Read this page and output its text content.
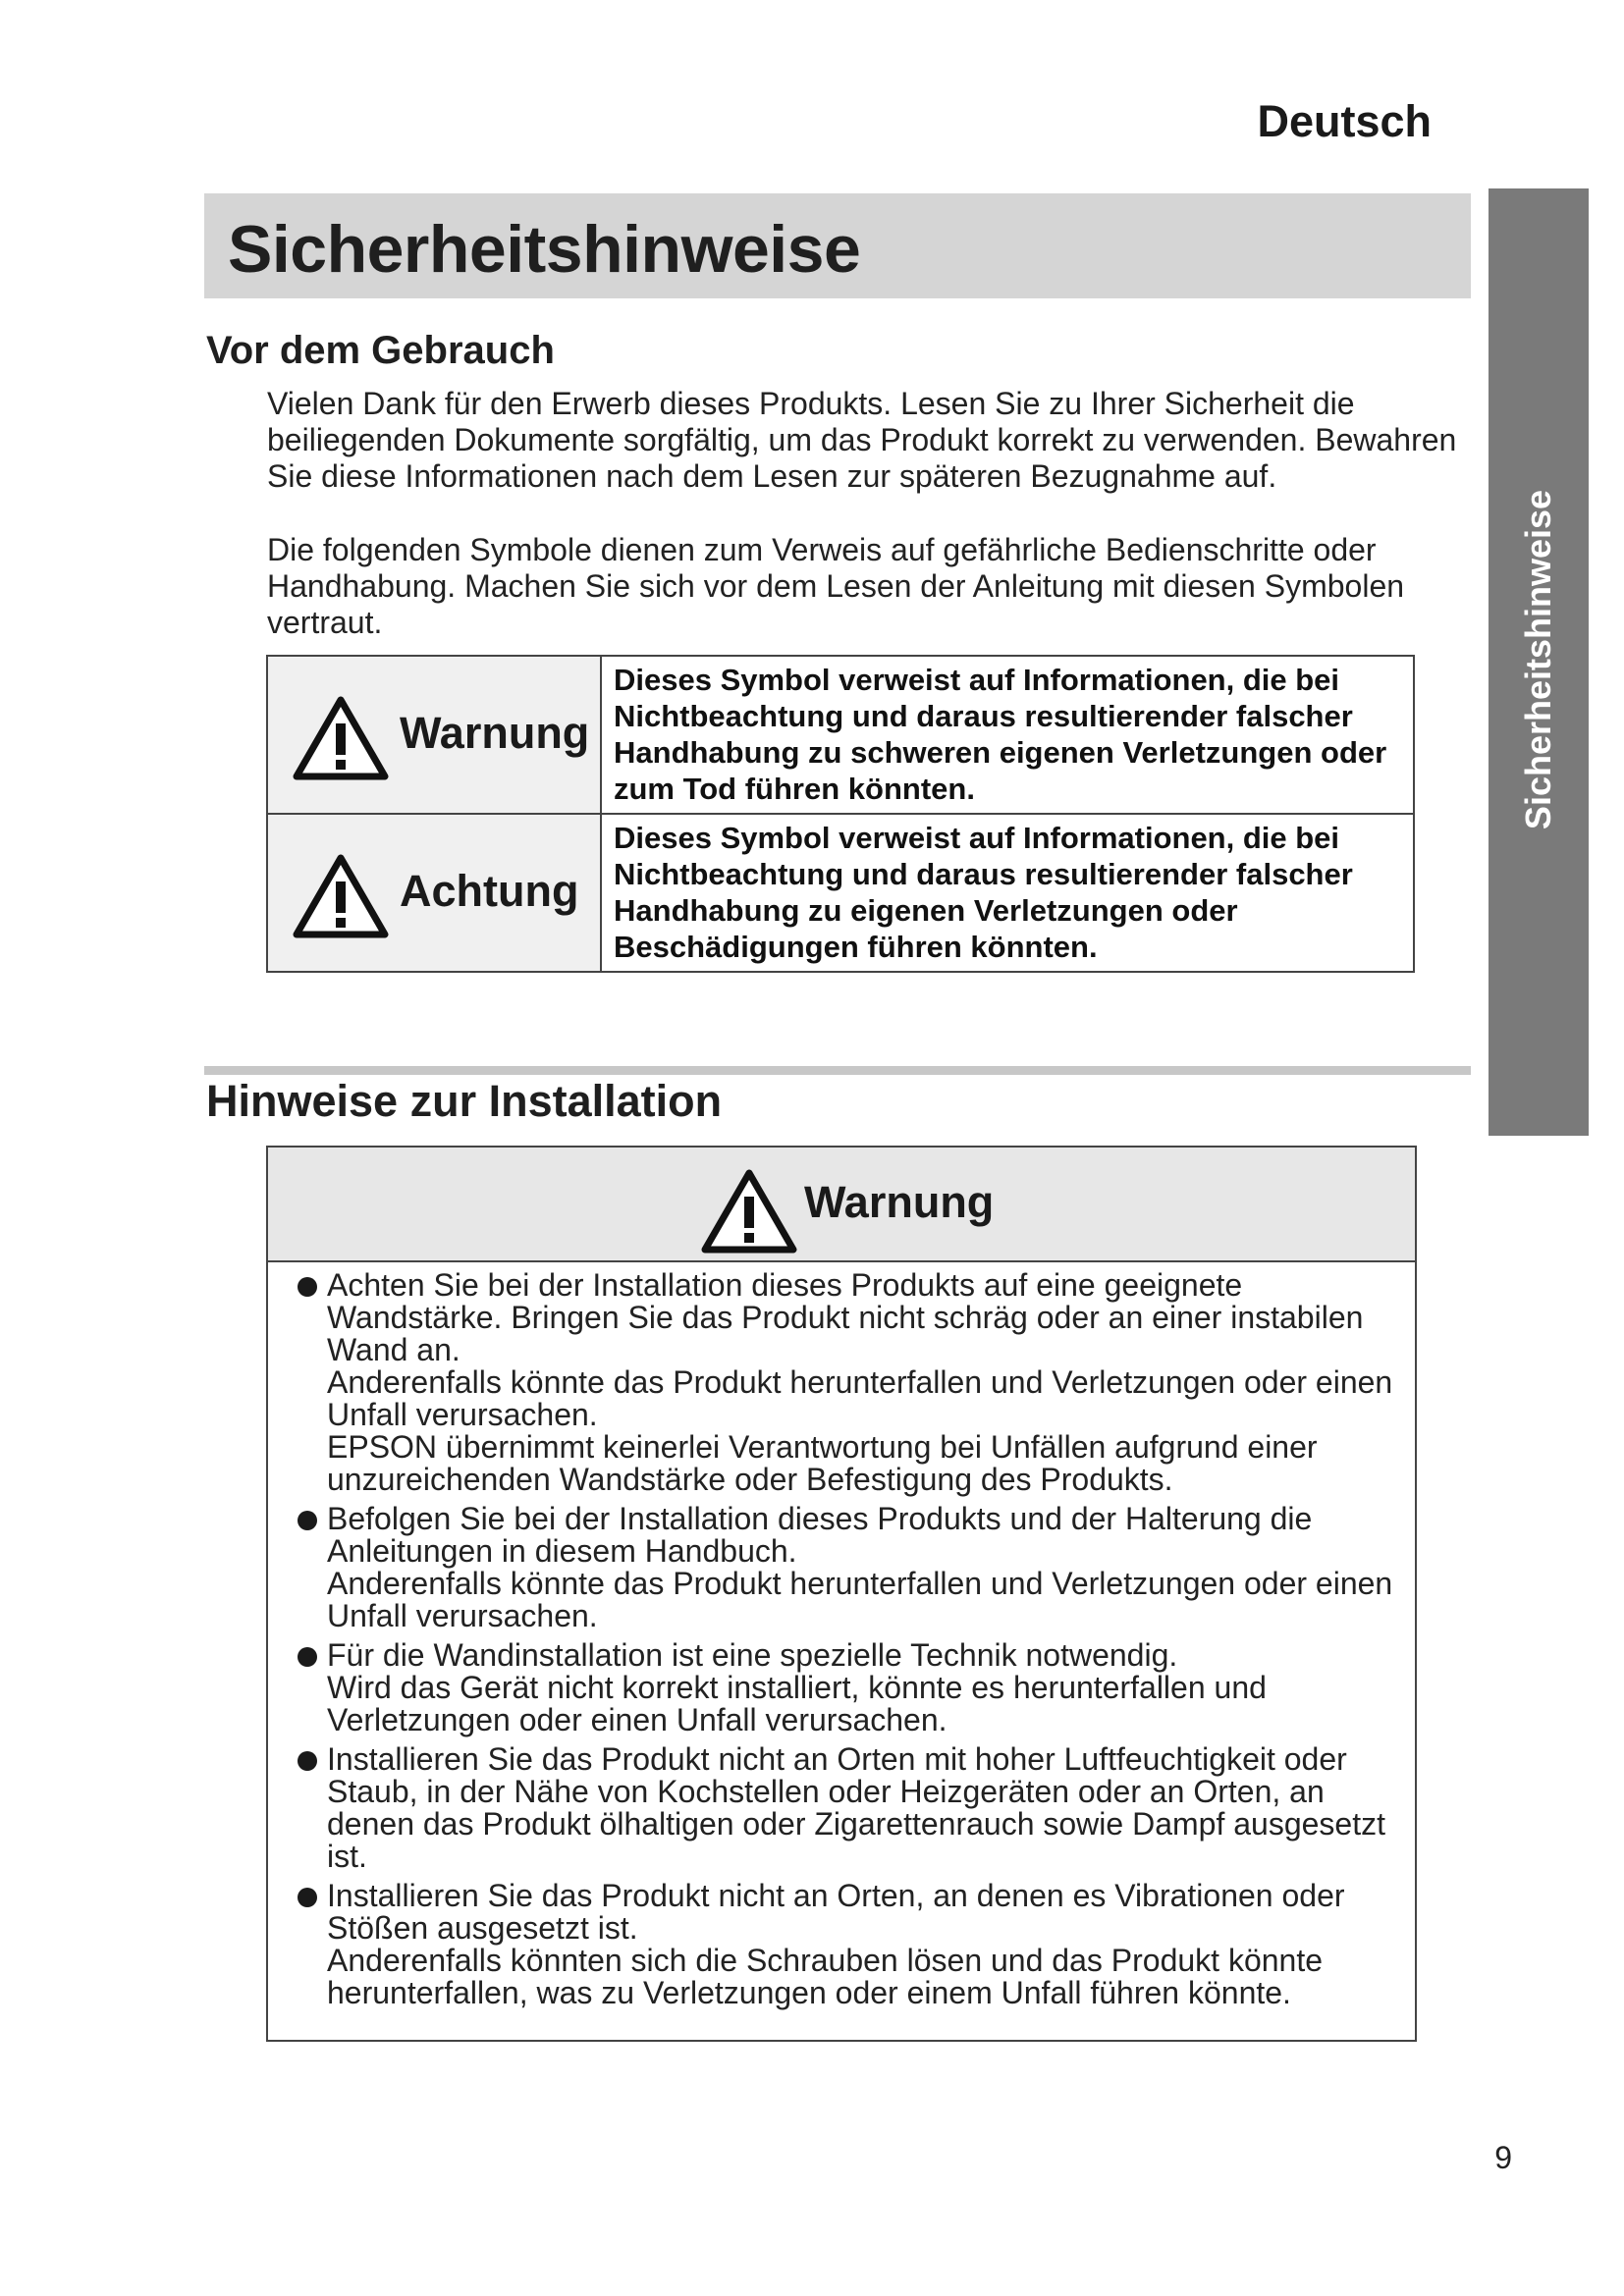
Deutsch
Sicherheitshinweise
Sicherheitshinweise
Vor dem Gebrauch
Vielen Dank für den Erwerb dieses Produkts. Lesen Sie zu Ihrer Sicherheit die beiliegenden Dokumente sorgfältig, um das Produkt korrekt zu verwenden. Bewahren Sie diese Informationen nach dem Lesen zur späteren Bezugnahme auf.
Die folgenden Symbole dienen zum Verweis auf gefährliche Bedienschritte oder Handhabung. Machen Sie sich vor dem Lesen der Anleitung mit diesen Symbolen vertraut.
Warnung	Dieses Symbol verweist auf Informationen, die bei Nichtbeachtung und daraus resultierender falscher Handhabung zu schweren eigenen Verletzungen oder zum Tod führen könnten.

Achtung	Dieses Symbol verweist auf Informationen, die bei Nichtbeachtung und daraus resultierender falscher Handhabung zu eigenen Verletzungen oder Beschädigungen führen könnten.
Hinweise zur Installation
Warnung
Achten Sie bei der Installation dieses Produkts auf eine geeignete Wandstärke. Bringen Sie das Produkt nicht schräg oder an einer instabilen Wand an.
Anderenfalls könnte das Produkt herunterfallen und Verletzungen oder einen Unfall verursachen.
EPSON übernimmt keinerlei Verantwortung bei Unfällen aufgrund einer unzureichenden Wandstärke oder Befestigung des Produkts.
Befolgen Sie bei der Installation dieses Produkts und der Halterung die Anleitungen in diesem Handbuch.
Anderenfalls könnte das Produkt herunterfallen und Verletzungen oder einen Unfall verursachen.
Für die Wandinstallation ist eine spezielle Technik notwendig.
Wird das Gerät nicht korrekt installiert, könnte es herunterfallen und Verletzungen oder einen Unfall verursachen.
Installieren Sie das Produkt nicht an Orten mit hoher Luftfeuchtigkeit oder Staub, in der Nähe von Kochstellen oder Heizgeräten oder an Orten, an denen das Produkt ölhaltigen oder Zigarettenrauch sowie Dampf ausgesetzt ist.
Installieren Sie das Produkt nicht an Orten, an denen es Vibrationen oder Stößen ausgesetzt ist.
Anderenfalls könnten sich die Schrauben lösen und das Produkt könnte herunterfallen, was zu Verletzungen oder einem Unfall führen könnte.
9
